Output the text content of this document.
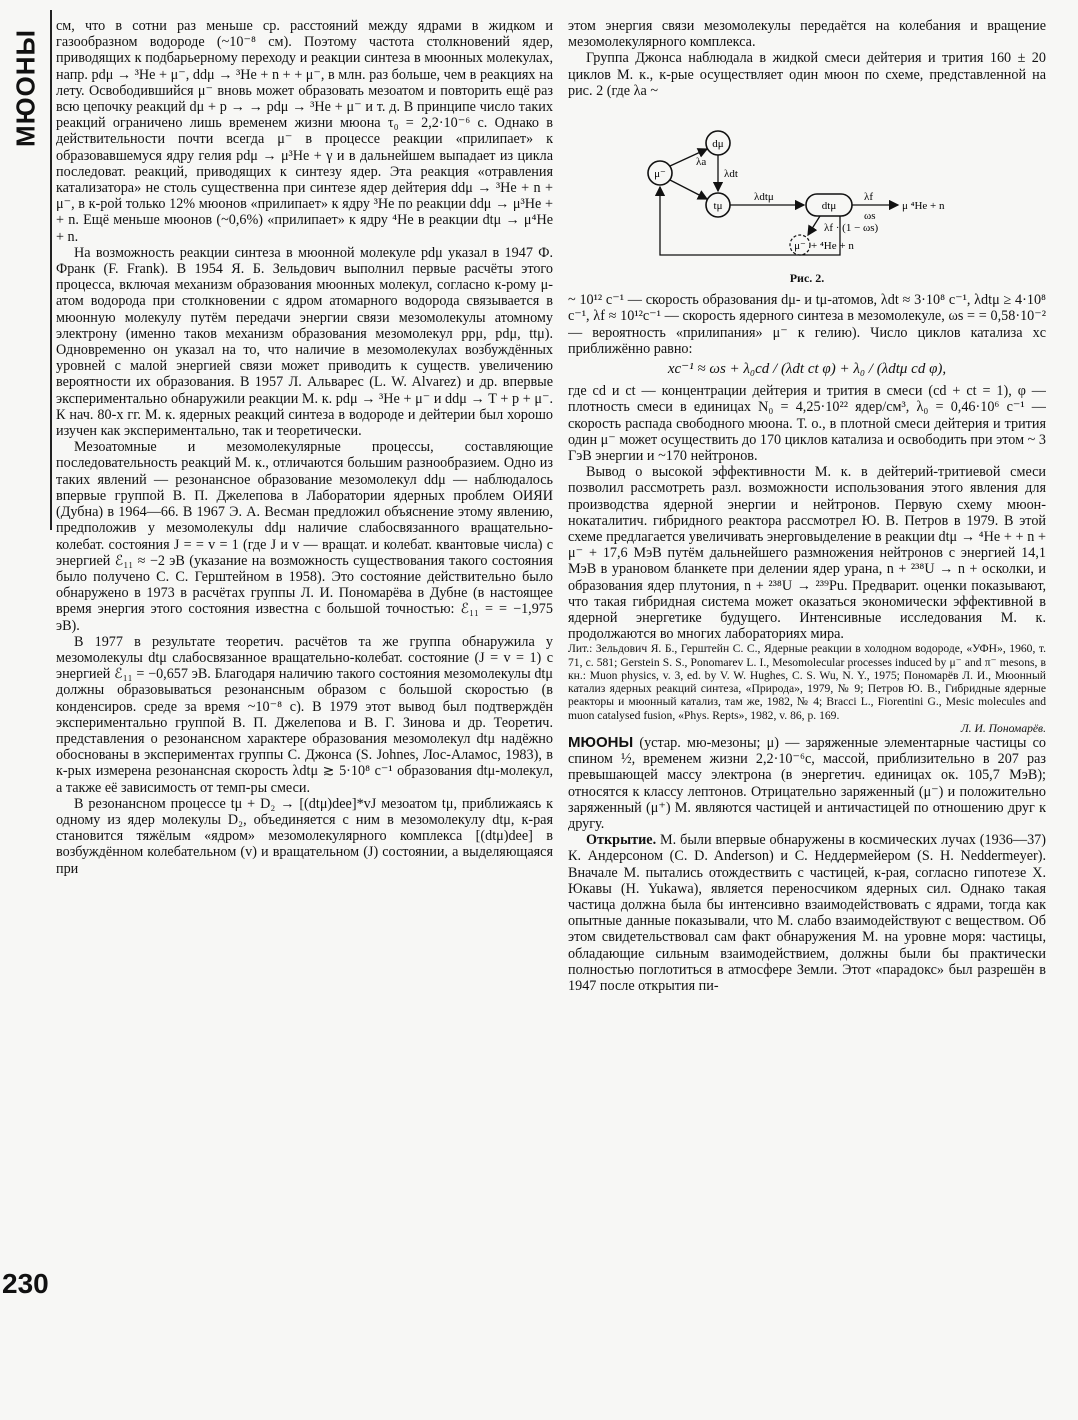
МЮОНЫ
230

см, что в сотни раз меньше ср. расстояний между ядрами в жидком и газообразном водороде (~10⁻⁸ см). Поэтому частота столкновений ядер, приводящих к подбарьерному переходу и реакции синтеза в мюонных молекулах, напр. pdμ → ³He + μ⁻, ddμ → ³He + n + + μ⁻, в млн. раз больше, чем в реакциях на лету. Освободившийся μ⁻ вновь может образовать мезоатом и повторить ещё раз всю цепочку реакций dμ + p → → pdμ → ³He + μ⁻ и т. д. В принципе число таких реакций ограничено лишь временем жизни мюона τ₀ = 2,2·10⁻⁶ с. Однако в действительности почти всегда μ⁻ в процессе реакции «прилипает» к образовавшемуся ядру гелия pdμ → μ³He + γ и в дальнейшем выпадает из цикла последоват. реакций, приводящих к синтезу ядер. Эта реакция «отравления катализатора» не столь существенна при синтезе ядер дейтерия ddμ → ³He + n + μ⁻, в к-рой только 12% мюонов «прилипает» к ядру ³He по реакции ddμ → μ³He + + n. Ещё меньше мюонов (~0,6%) «прилипает» к ядру ⁴He в реакции dtμ → μ⁴He + n.

На возможность реакции синтеза в мюонной молекуле pdμ указал в 1947 Ф. Франк (F. Frank). В 1954 Я. Б. Зельдович выполнил первые расчёты этого процесса, включая механизм образования мюонных молекул, согласно к-рому μ-атом водорода при столкновении с ядром атомарного водорода связывается в мюонную молекулу путём передачи энергии связи мезомолекулы атомному электрону (именно таков механизм образования мезомолекул ppμ, pdμ, ttμ). Одновременно он указал на то, что наличие в мезомолекулах возбуждённых уровней с малой энергией связи может приводить к существ. увеличению вероятности их образования. В 1957 Л. Альварес (L. W. Alvarez) и др. впервые экспериментально обнаружили реакции М. к. pdμ → ³He + μ⁻ и ddμ → T + p + μ⁻. К нач. 80-х гг. М. к. ядерных реакций синтеза в водороде и дейтерии был хорошо изучен как экспериментально, так и теоретически.

Мезоатомные и мезомолекулярные процессы, составляющие последовательность реакций М. к., отличаются большим разнообразием. Одно из таких явлений — резонансное образование мезомолекул ddμ — наблюдалось впервые группой В. П. Джелепова в Лаборатории ядерных проблем ОИЯИ (Дубна) в 1964—66. В 1967 Э. А. Весман предложил объяснение этому явлению, предположив у мезомолекулы ddμ наличие слабосвязанного вращательно-колебат. состояния J = = v = 1 (где J и v — вращат. и колебат. квантовые числа) с энергией ℰ₁₁ ≈ −2 эВ (указание на возможность существования такого состояния было получено С. С. Герштейном в 1958). Это состояние действительно было обнаружено в 1973 в расчётах группы Л. И. Пономарёва в Дубне (в настоящее время энергия этого состояния известна с большой точностью: ℰ₁₁ = = −1,975 эВ).

В 1977 в результате теоретич. расчётов та же группа обнаружила у мезомолекулы dtμ слабосвязанное вращательно-колебат. состояние (J = v = 1) с энергией ℰ₁₁ = −0,657 эВ. Благодаря наличию такого состояния мезомолекулы dtμ должны образовываться резонансным образом с большой скоростью (в конденсиров. среде за время ~10⁻⁸ с). В 1979 этот вывод был подтверждён экспериментально группой В. П. Джелепова и В. Г. Зинова и др. Теоретич. представления о резонансном характере образования мезомолекул dtμ надёжно обоснованы в экспериментах группы С. Джонса (S. Johnes, Лос-Аламос, 1983), в к-рых измерена резонансная скорость λdtμ ≳ 5·10⁸ с⁻¹ образования dtμ-молекул, а также её зависимость от темп-ры смеси.

В резонансном процессе tμ + D₂ → [(dtμ)dee]*vJ мезоатом tμ, приближаясь к одному из ядер молекулы D₂, объединяется с ним в мезомолекулу dtμ, к-рая становится тяжёлым «ядром» мезомолекулярного комплекса [(dtμ)dee] в возбуждённом колебательном (v) и вращательном (J) состоянии, а выделяющаяся при

этом энергия связи мезомолекулы передаётся на колебания и вращение мезомолекулярного комплекса.

Группа Джонса наблюдала в жидкой смеси дейтерия и трития 160 ± 20 циклов М. к., к-рые осуществляет один мюон по схеме, представленной на рис. 2 (где λa ~

μ⁻
dμ
tμ	dtμ
μ⁻
λa
λdt
λdtμ	λf
ωs
λf · (1 − ωs)
μ ⁴He + n
+ ⁴He + n
Рис. 2.

~ 10¹² с⁻¹ — скорость образования dμ- и tμ-атомов, λdt ≈ 3·10⁸ с⁻¹, λdtμ ≥ 4·10⁸ с⁻¹, λf ≈ 10¹²с⁻¹ — скорость ядерного синтеза в мезомолекуле, ωs = = 0,58·10⁻² — вероятность «прилипания» μ⁻ к гелию). Число циклов катализа xc приближённо равно:

xc⁻¹ ≈ ωs + λ₀cd / (λdt ct φ) + λ₀ / (λdtμ cd φ),

где cd и ct — концентрации дейтерия и трития в смеси (cd + ct = 1), φ — плотность смеси в единицах N₀ = 4,25·10²² ядер/см³, λ₀ = 0,46·10⁶ с⁻¹ — скорость распада свободного мюона. Т. о., в плотной смеси дейтерия и трития один μ⁻ может осуществить до 170 циклов катализа и освободить при этом ~ 3 ГэВ энергии и ~170 нейтронов.

Вывод о высокой эффективности М. к. в дейтерий-тритиевой смеси позволил рассмотреть разл. возможности использования этого явления для производства ядерной энергии и нейтронов. Первую схему мюон-нокаталитич. гибридного реактора рассмотрел Ю. В. Петров в 1979. В этой схеме предлагается увеличивать энерговыделение в реакции dtμ → ⁴He + + n + μ⁻ + 17,6 МэВ путём дальнейшего размножения нейтронов с энергией 14,1 МэВ в урановом бланкете при делении ядер урана, n + ²³⁸U → n + осколки, и образования ядер плутония, n + ²³⁸U → ²³⁹Pu. Предварит. оценки показывают, что такая гибридная система может оказаться экономически эффективной в ядерной энергетике будущего. Интенсивные исследования М. к. продолжаются во многих лабораториях мира.

Лит.: Зельдович Я. Б., Герштейн С. С., Ядерные реакции в холодном водороде, «УФН», 1960, т. 71, с. 581; Gerstein S. S., Ponomarev L. I., Mesomolecular processes induced by μ⁻ and π⁻ mesons, в кн.: Muon physics, v. 3, ed. by V. W. Hughes, C. S. Wu, N. Y., 1975; Пономарёв Л. И., Мюонный катализ ядерных реакций синтеза, «Природа», 1979, № 9; Петров Ю. В., Гибридные ядерные реакторы и мюонный катализ, там же, 1982, № 4; Bracci L., Fiorentini G., Mesic molecules and muon catalysed fusion, «Phys. Repts», 1982, v. 86, p. 169.
Л. И. Пономарёв.

МЮОНЫ (устар. мю-мезоны; μ) — заряженные элементарные частицы со спином ½, временем жизни 2,2·10⁻⁶с, массой, приблизительно в 207 раз превышающей массу электрона (в энергетич. единицах ок. 105,7 МэВ); относятся к классу лептонов. Отрицательно заряженный (μ⁻) и положительно заряженный (μ⁺) М. являются частицей и античастицей по отношению друг к другу.

Открытие. М. были впервые обнаружены в космических лучах (1936—37) К. Андерсоном (C. D. Anderson) и С. Неддермейером (S. H. Neddermeyer). Вначале М. пытались отождествить с частицей, к-рая, согласно гипотезе Х. Юкавы (H. Yukawa), является переносчиком ядерных сил. Однако такая частица должна была бы интенсивно взаимодействовать с ядрами, тогда как опытные данные показывали, что М. слабо взаимодействуют с веществом. Об этом свидетельствовал сам факт обнаружения М. на уровне моря: частицы, обладающие сильным взаимодействием, должны были бы практически полностью поглотиться в атмосфере Земли. Этот «парадокс» был разрешён в 1947 после открытия пи-
